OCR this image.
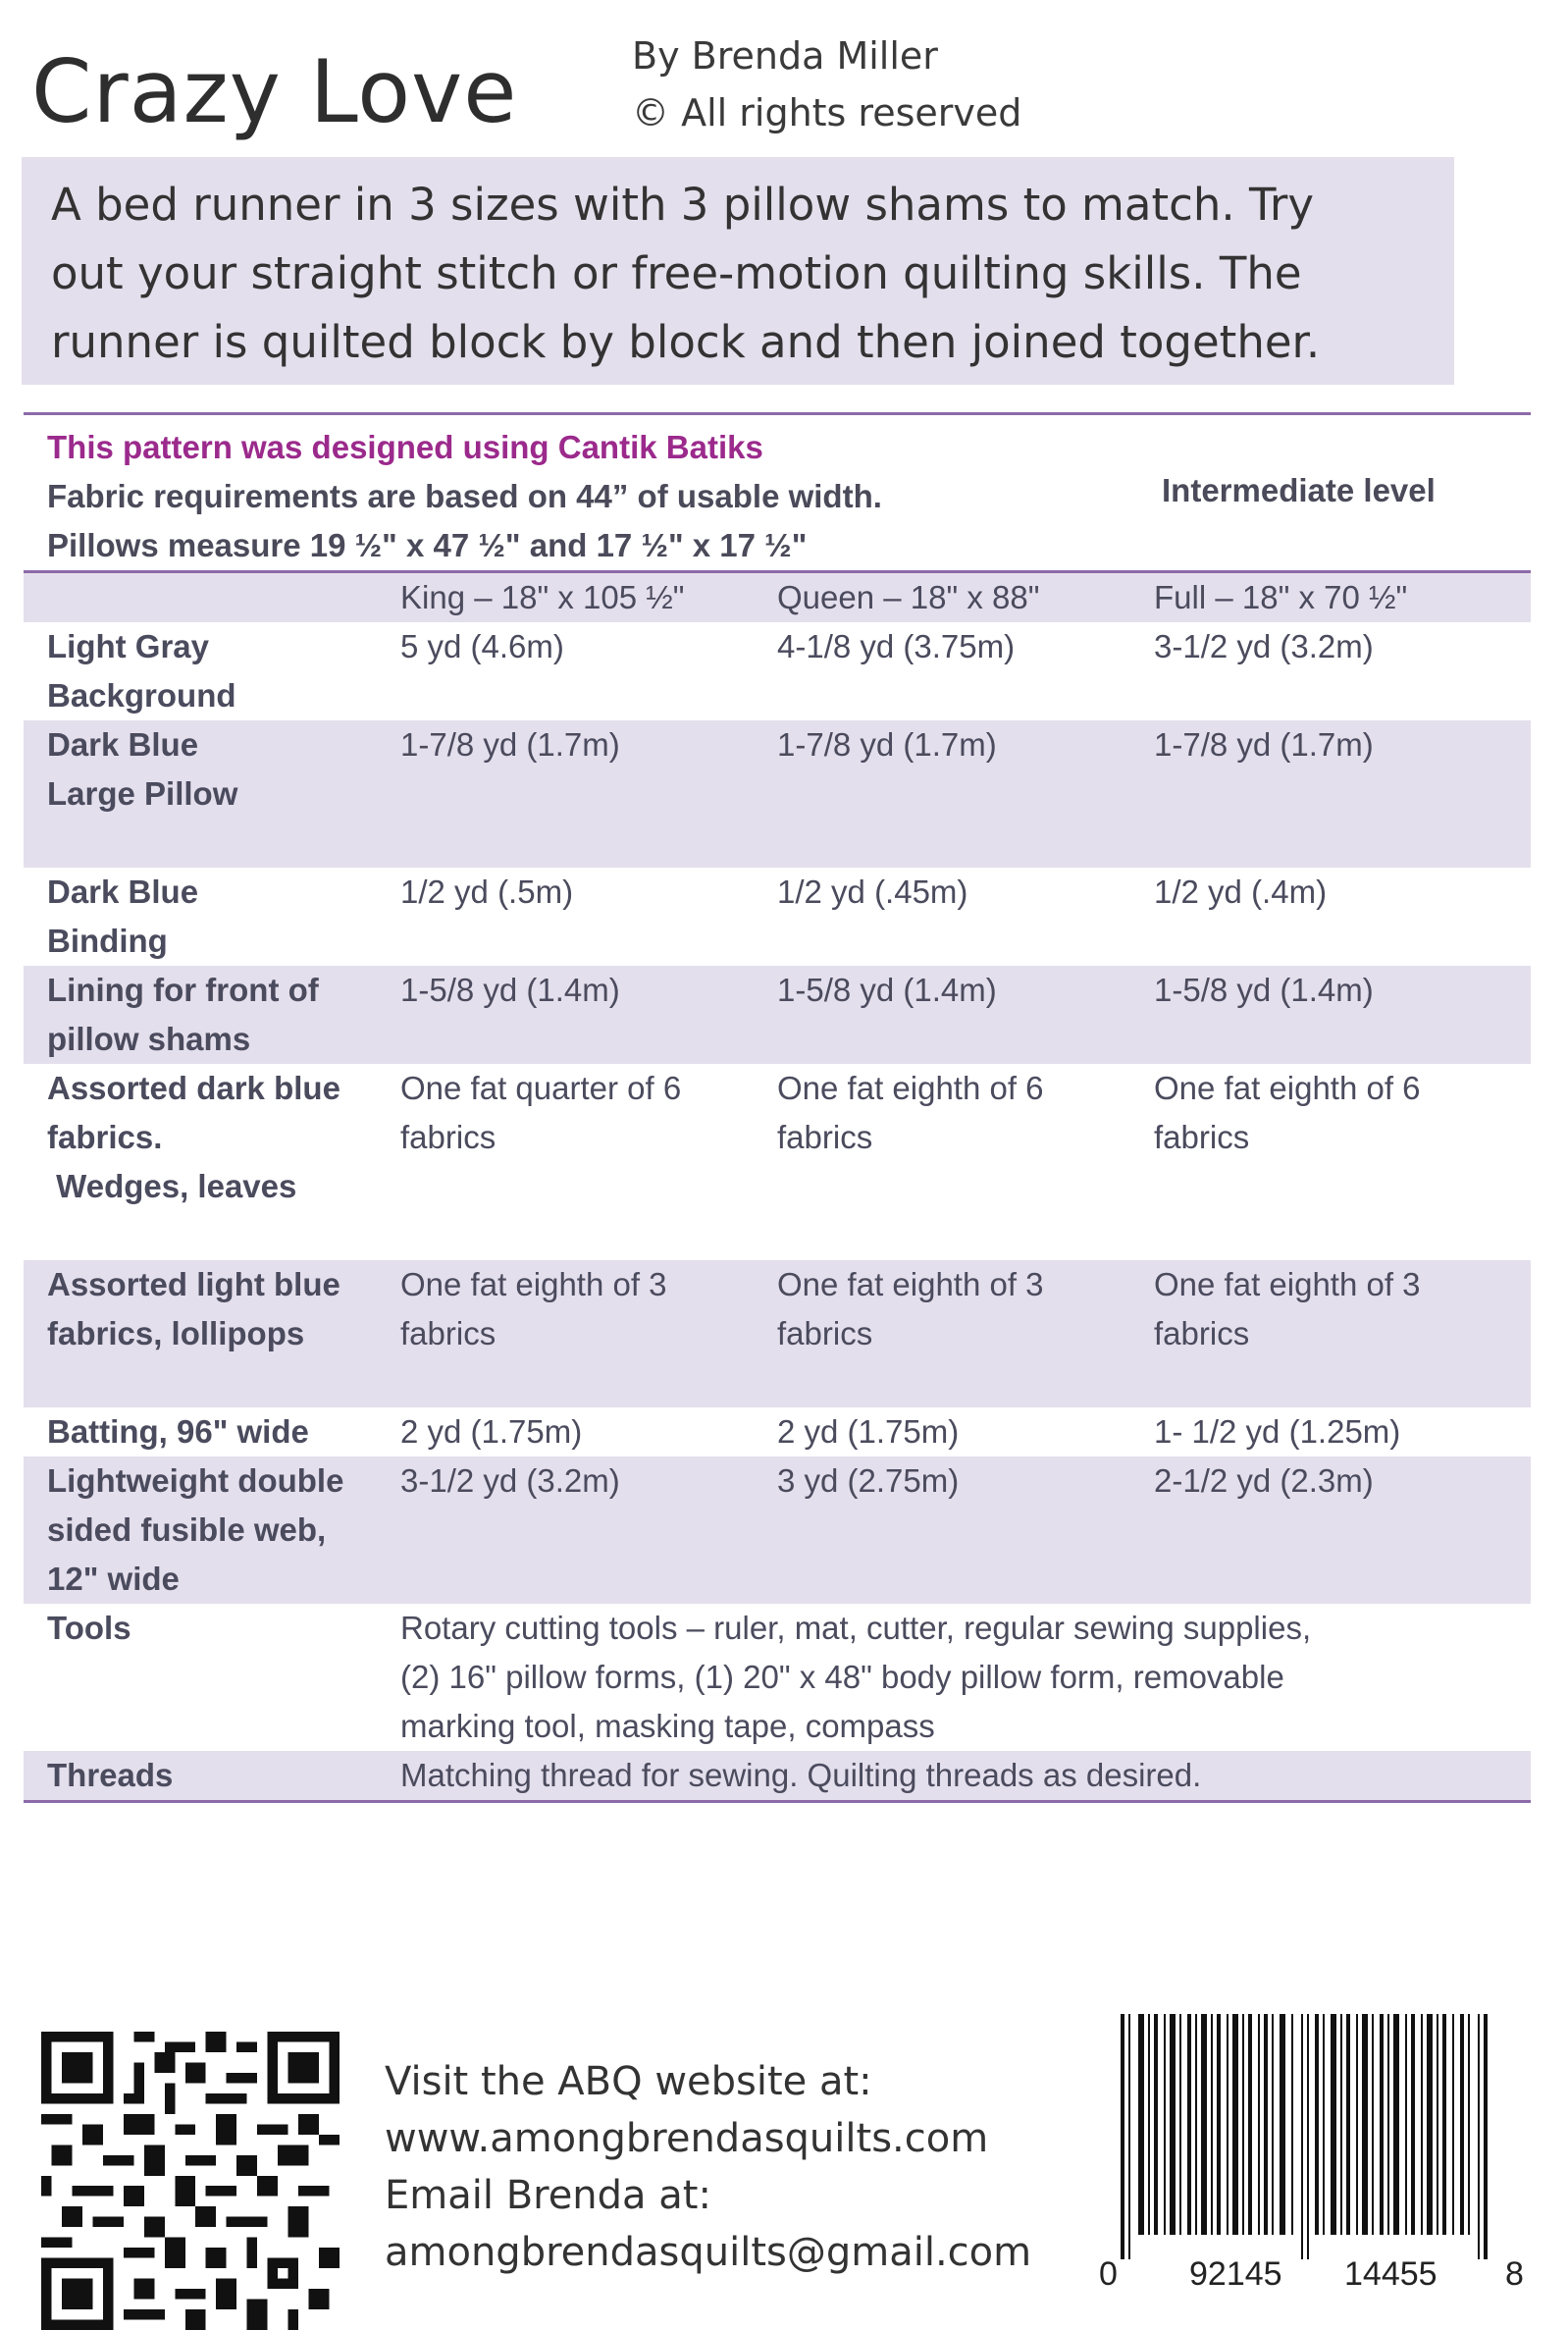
Crazy Love	By Brenda Miller
© All rights reserved

A bed runner in 3 sizes with 3 pillow shams to match. Try

out your straight stitch or free-motion quilting skills. The

runner is quilted block by block and then joined together.

This pattern was designed using Cantik Batiks
Fabric requirements are based on 44” of usable width.
Pillows measure 19 ½" x 47 ½" and 17 ½" x 17 ½"
Intermediate level
	King – 18" x 105 ½"	Queen – 18" x 88"	Full – 18" x 70 ½"

Light Gray
Background	5 yd (4.6m)	4-1/8 yd (3.75m)	3-1/2 yd (3.2m)

Dark Blue
Large Pillow	1-7/8 yd (1.7m)	1-7/8 yd (1.7m)	1-7/8 yd (1.7m)

Dark Blue
Binding	1/2 yd (.5m)	1/2 yd (.45m)	1/2 yd (.4m)

Lining for front of
pillow shams	1-5/8 yd (1.4m)	1-5/8 yd (1.4m)	1-5/8 yd (1.4m)

Assorted dark blue
fabrics.
Wedges, leaves	One fat quarter of 6 fabrics	One fat eighth of 6 fabrics	One fat eighth of 6 fabrics

Assorted light blue
fabrics, lollipops	One fat eighth of 3 fabrics	One fat eighth of 3 fabrics	One fat eighth of 3 fabrics

Batting, 96" wide	2 yd (1.75m)	2 yd (1.75m)	1- 1/2 yd (1.25m)

Lightweight double
sided fusible web,
12" wide	3-1/2 yd (3.2m)	3 yd (2.75m)	2-1/2 yd (2.3m)
Tools	Rotary cutting tools – ruler, mat, cutter, regular sewing supplies,
(2) 16" pillow forms, (1) 20" x 48" body pillow form, removable
marking tool, masking tape, compass		

Threads	Matching thread for sewing. Quilting threads as desired.		
Visit the ABQ website at:
www.amongbrendasquilts.com
Email Brenda at:
amongbrendasquilts@gmail.com 0 92145 14455 8
